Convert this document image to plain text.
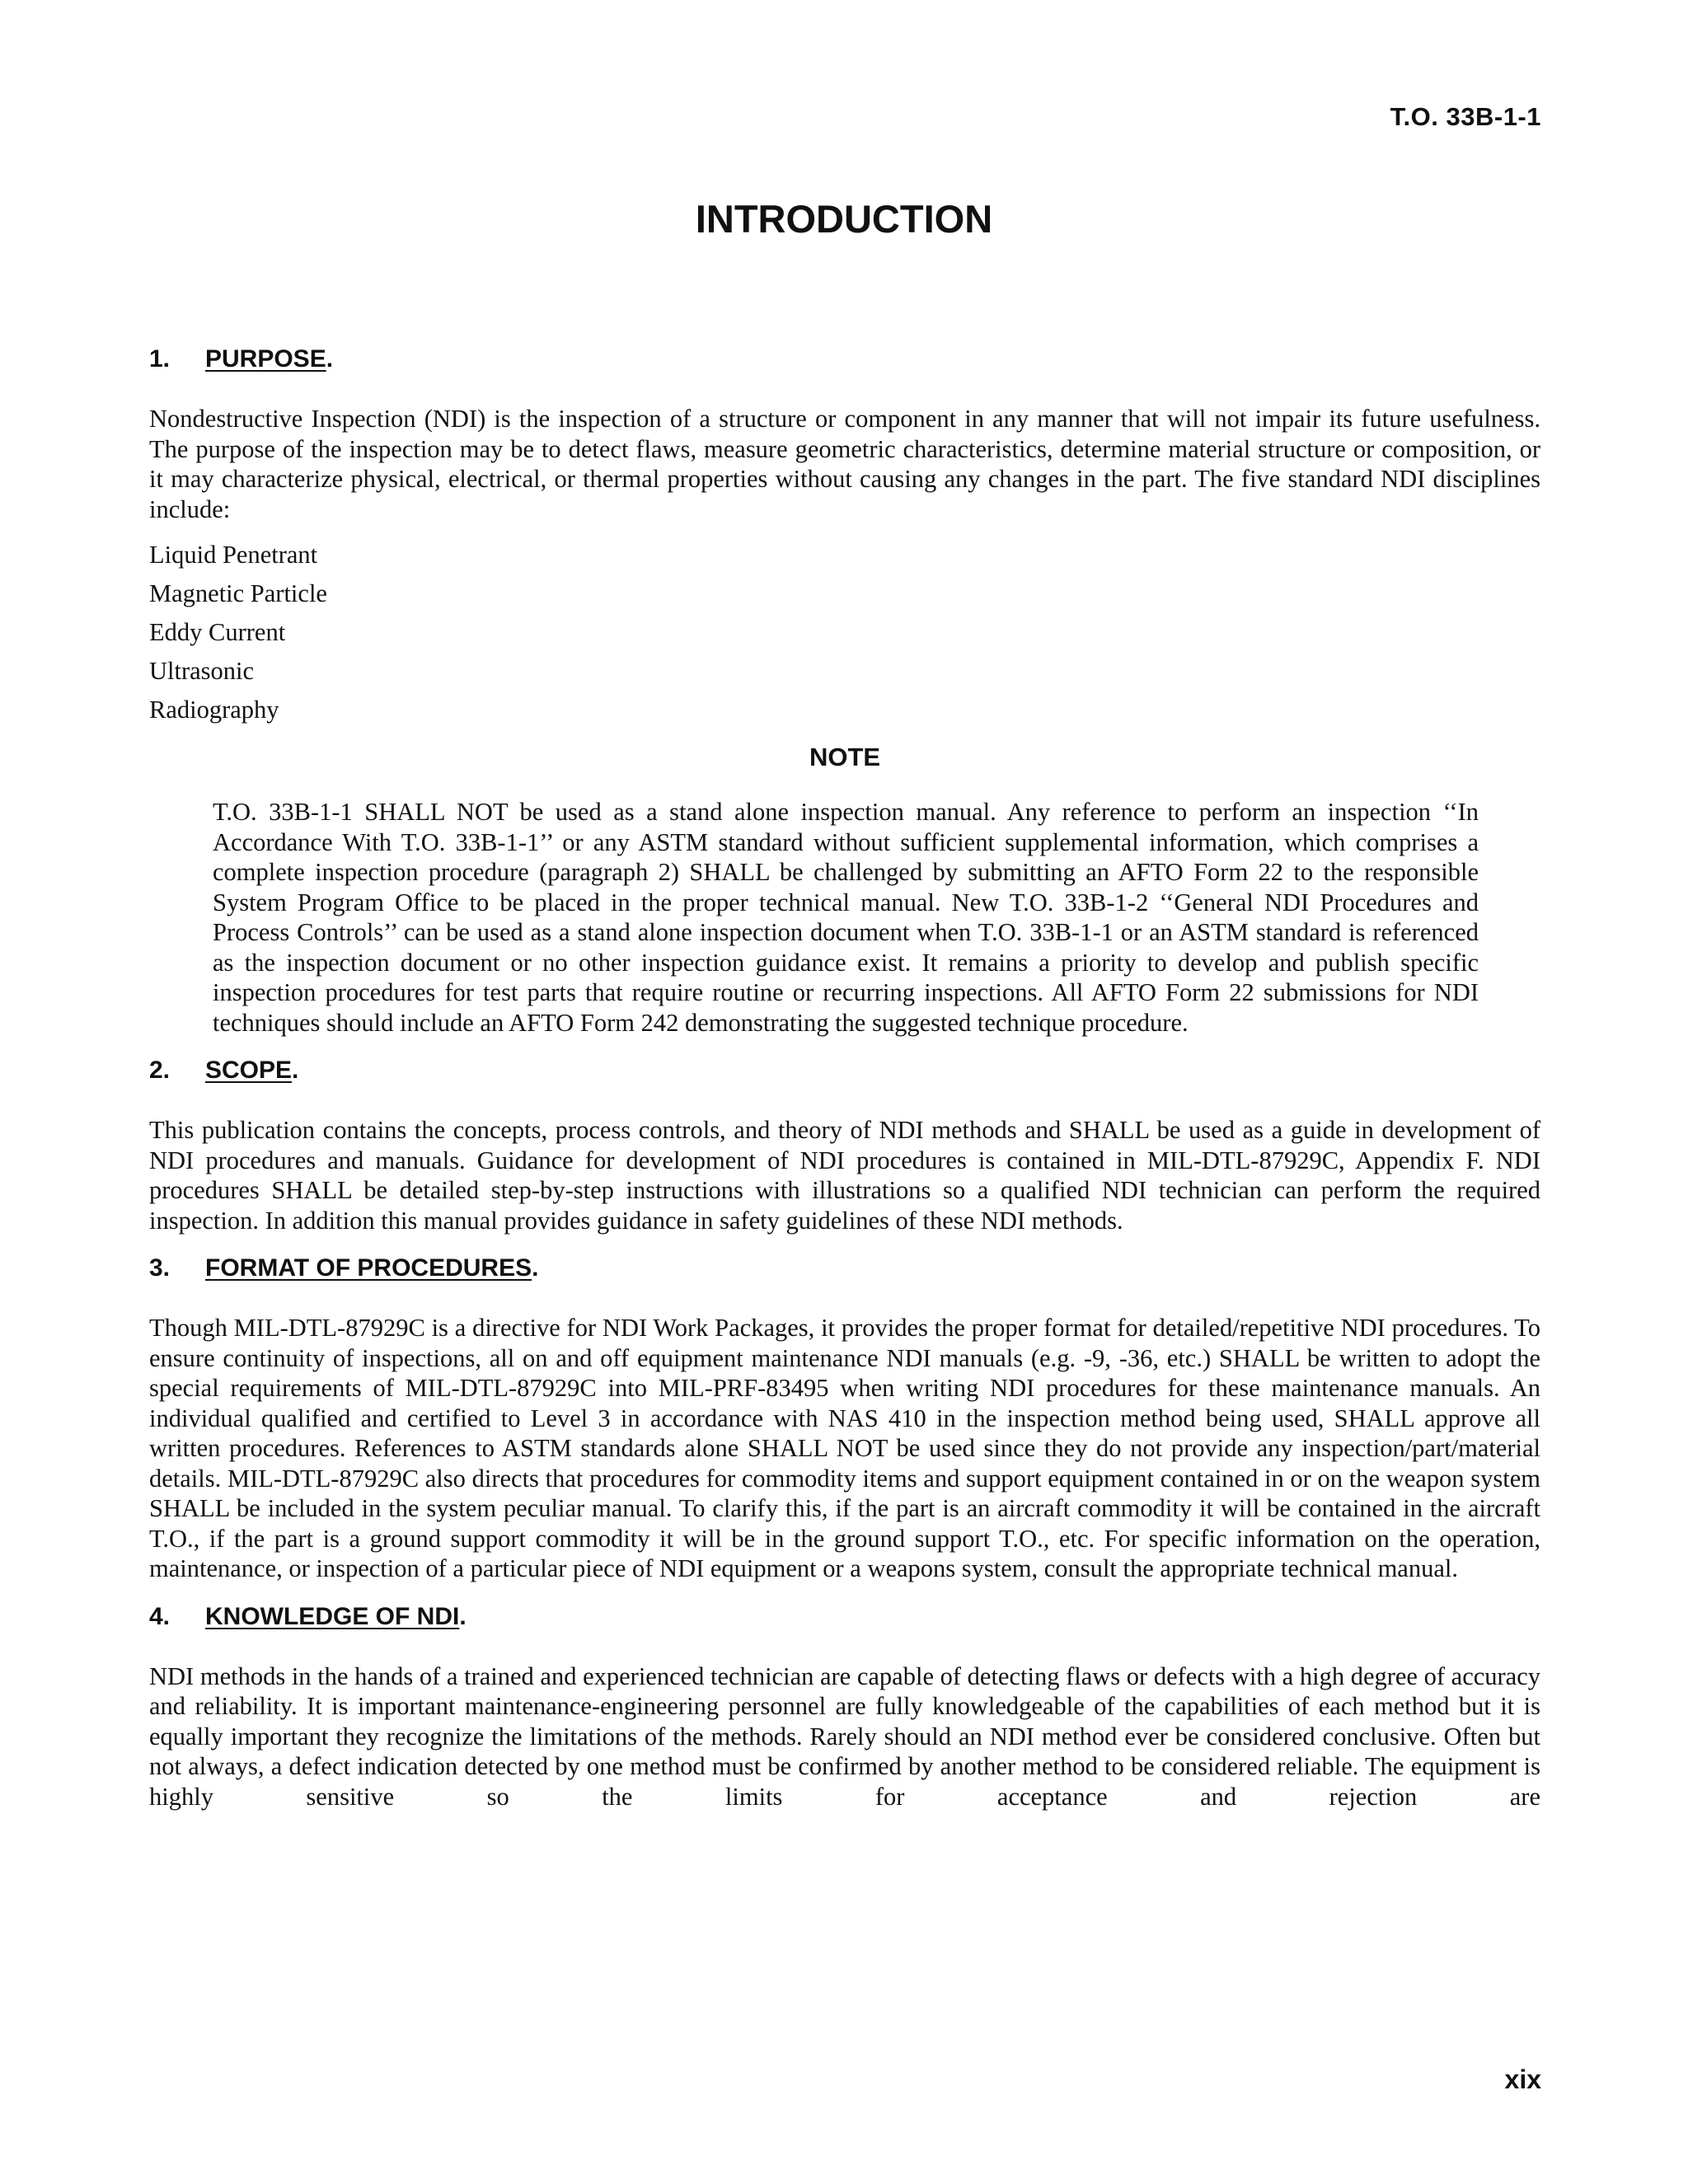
T.O. 33B-1-1
INTRODUCTION
1.	PURPOSE.

Nondestructive Inspection (NDI) is the inspection of a structure or component in any manner that will not impair its future usefulness. The purpose of the inspection may be to detect flaws, measure geometric characteristics, determine material structure or composition, or it may characterize physical, electrical, or thermal properties without causing any changes in the part. The five standard NDI disciplines include:

Liquid Penetrant
Magnetic Particle
Eddy Current
Ultrasonic
Radiography

NOTE

T.O. 33B-1-1 SHALL NOT be used as a stand alone inspection manual. Any reference to perform an inspection ‘‘In Accordance With T.O. 33B-1-1’’ or any ASTM standard without sufficient supplemental information, which comprises a complete inspection procedure (paragraph 2) SHALL be challenged by submitting an AFTO Form 22 to the responsible System Program Office to be placed in the proper technical manual. New T.O. 33B-1-2 ‘‘General NDI Procedures and Process Controls’’ can be used as a stand alone inspection document when T.O. 33B-1-1 or an ASTM standard is referenced as the inspection document or no other inspection guidance exist. It remains a priority to develop and publish specific inspection procedures for test parts that require routine or recurring inspections. All AFTO Form 22 submissions for NDI techniques should include an AFTO Form 242 demonstrating the suggested technique procedure.

2.	SCOPE.

This publication contains the concepts, process controls, and theory of NDI methods and SHALL be used as a guide in development of NDI procedures and manuals. Guidance for development of NDI procedures is contained in MIL-DTL-87929C, Appendix F. NDI procedures SHALL be detailed step-by-step instructions with illustrations so a qualified NDI technician can perform the required inspection. In addition this manual provides guidance in safety guidelines of these NDI methods.

3.	FORMAT OF PROCEDURES.

Though MIL-DTL-87929C is a directive for NDI Work Packages, it provides the proper format for detailed/repetitive NDI procedures. To ensure continuity of inspections, all on and off equipment maintenance NDI manuals (e.g. -9, -36, etc.) SHALL be written to adopt the special requirements of MIL-DTL-87929C into MIL-PRF-83495 when writing NDI procedures for these maintenance manuals. An individual qualified and certified to Level 3 in accordance with NAS 410 in the inspection method being used, SHALL approve all written procedures. References to ASTM standards alone SHALL NOT be used since they do not provide any inspection/part/material details. MIL-DTL-87929C also directs that procedures for commodity items and support equipment contained in or on the weapon system SHALL be included in the system peculiar manual. To clarify this, if the part is an aircraft commodity it will be contained in the aircraft T.O., if the part is a ground support commodity it will be in the ground support T.O., etc. For specific information on the operation, maintenance, or inspection of a particular piece of NDI equipment or a weapons system, consult the appropriate technical manual.

4.	KNOWLEDGE OF NDI.

NDI methods in the hands of a trained and experienced technician are capable of detecting flaws or defects with a high degree of accuracy and reliability. It is important maintenance-engineering personnel are fully knowledgeable of the capabilities of each method but it is equally important they recognize the limitations of the methods. Rarely should an NDI method ever be considered conclusive. Often but not always, a defect indication detected by one method must be confirmed by another method to be considered reliable. The equipment is highly sensitive so the limits for acceptance and rejection are

xix
